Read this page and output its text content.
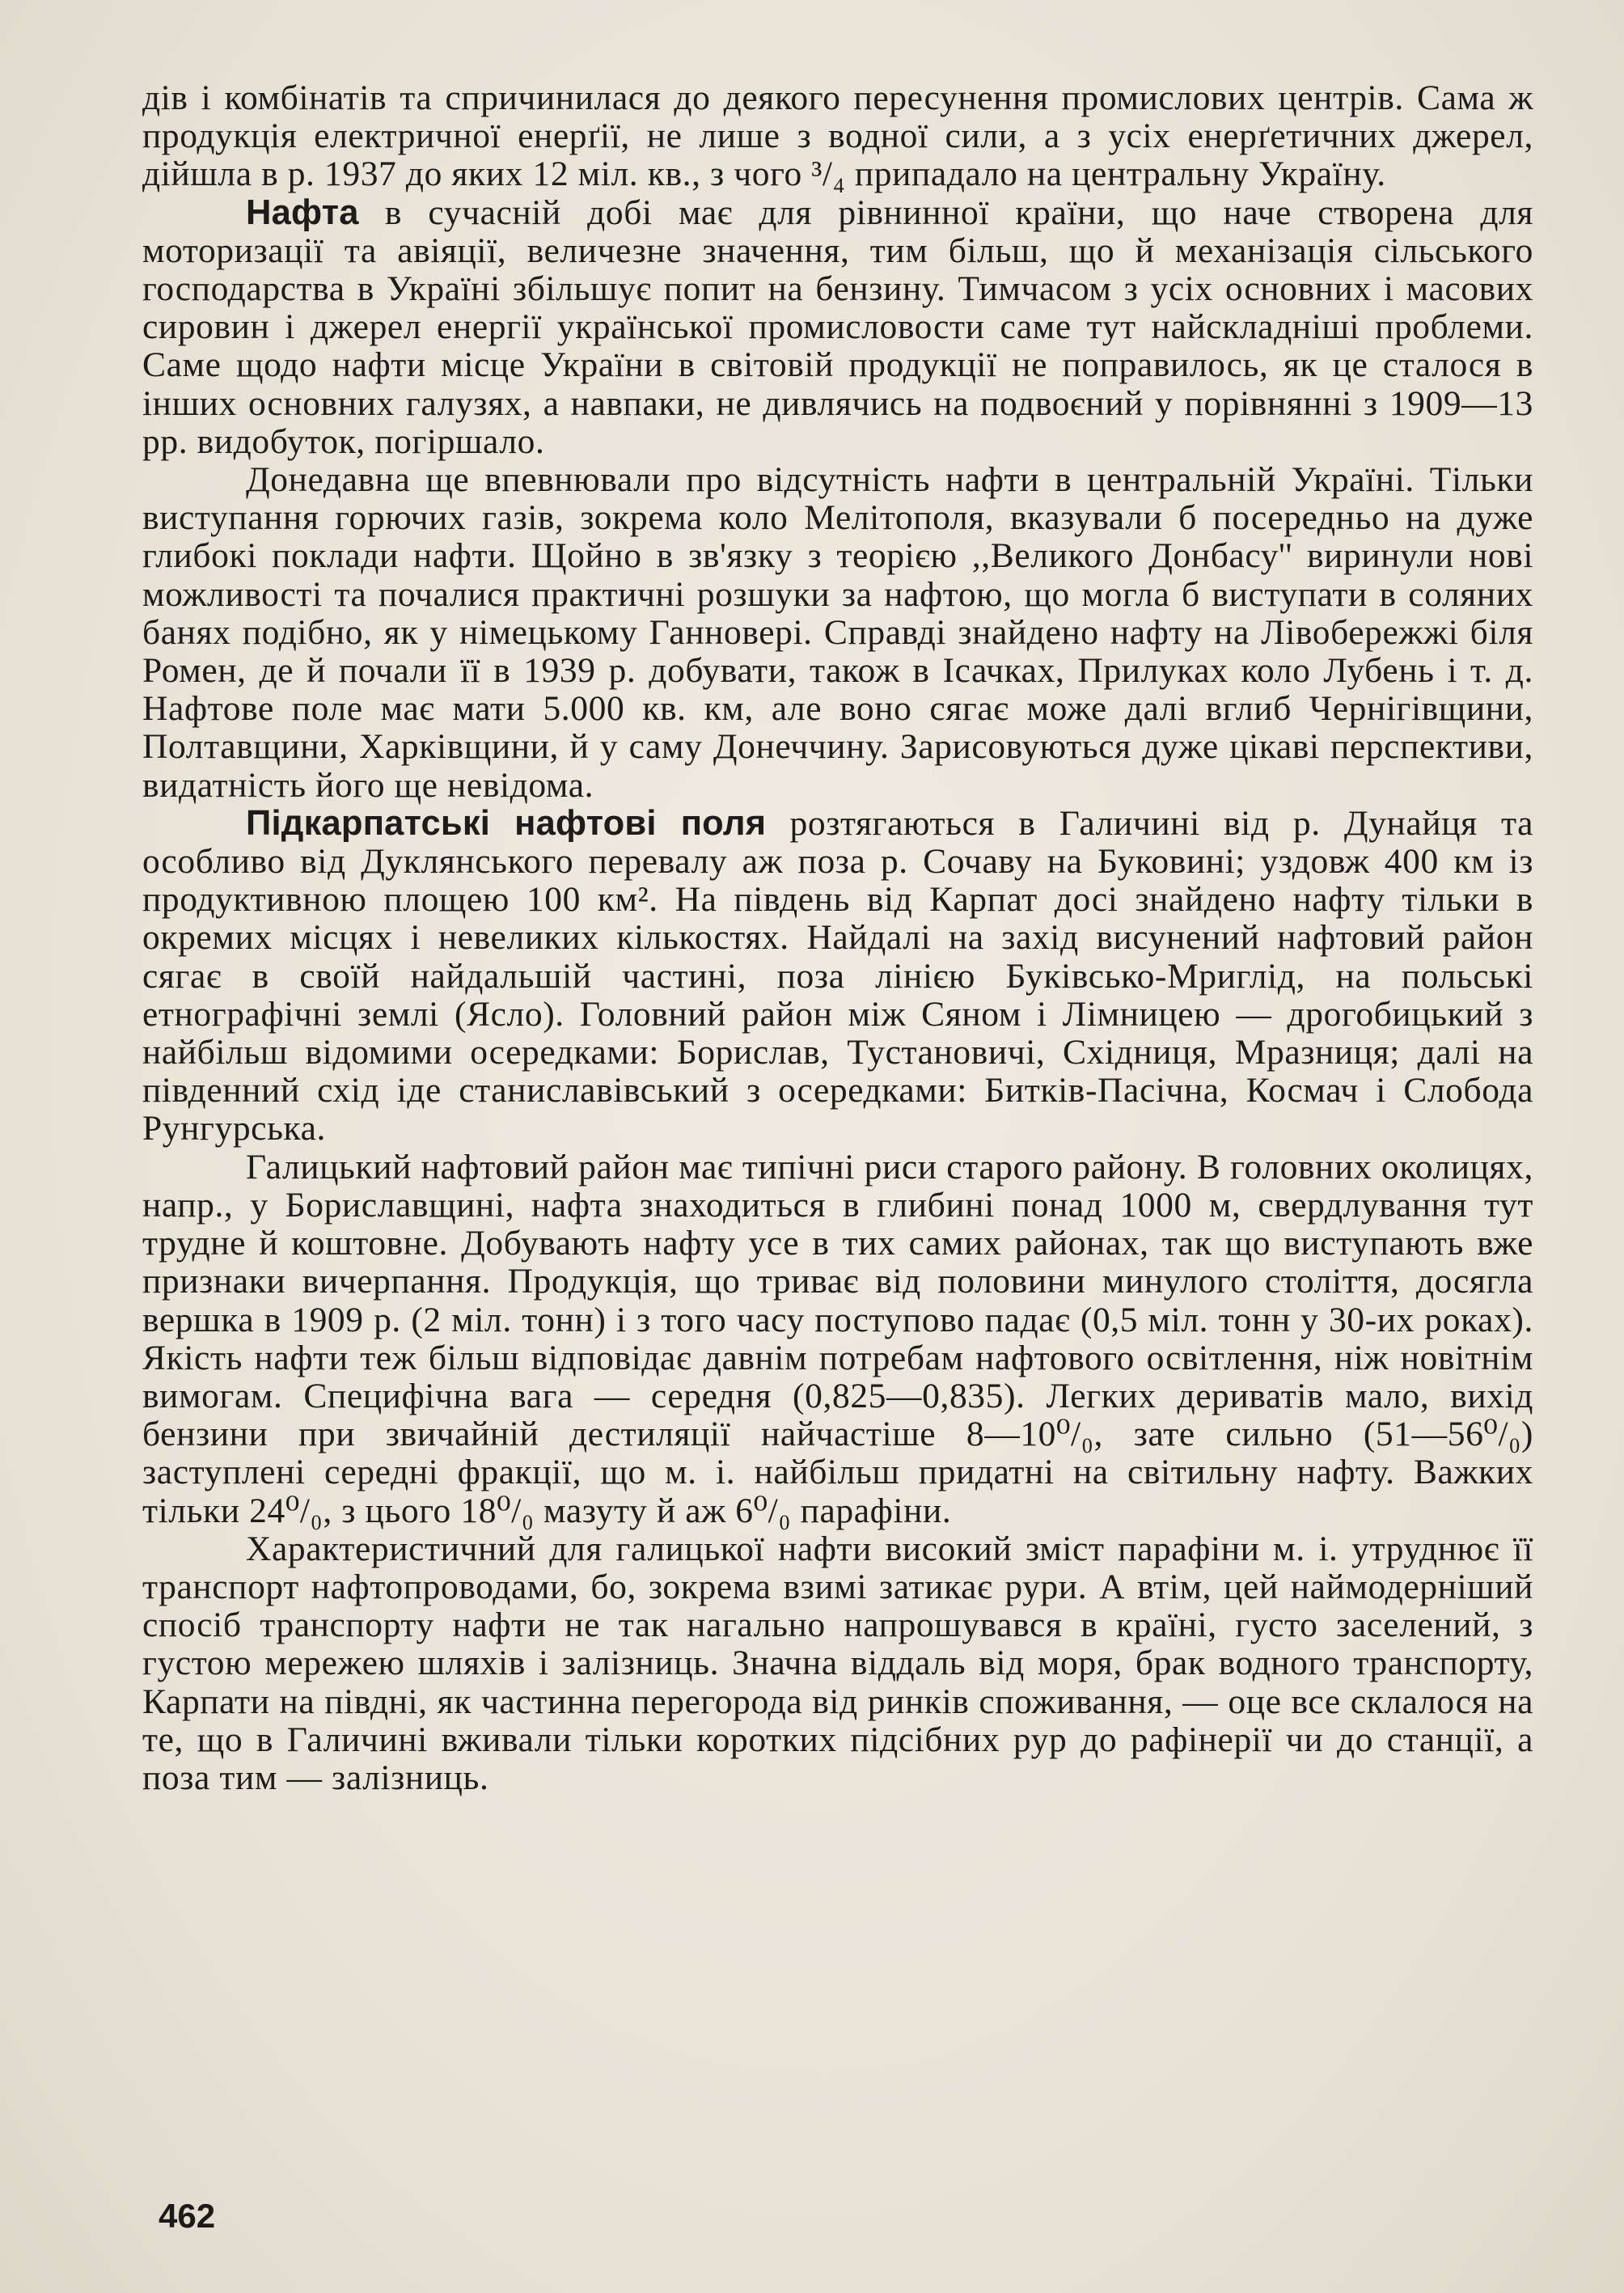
дів і комбінатів та спричинилася до деякого пересунення промислових центрів. Сама ж продукція електричної енерґії, не лише з водної сили, а з усіх енерґетичних джерел, дійшла в р. 1937 до яких 12 міл. кв., з чого ³/₄ припадало на центральну Україну.

Нафта в сучасній добі має для рівнинної країни, що наче створена для моторизації та авіяції, величезне значення, тим більш, що й механізація сільського господарства в Україні збільшує попит на бензину. Тимчасом з усіх основних і масових сировин і джерел енергії української промисловости саме тут найскладніші проблеми. Саме щодо нафти місце України в світовій продукції не поправилось, як це сталося в інших основних галузях, а навпаки, не дивлячись на подвоєний у порівнянні з 1909—13 рр. видобуток, погіршало.

Донедавна ще впевнювали про відсутність нафти в центральній Україні. Тільки виступання горючих газів, зокрема коло Мелітополя, вказували б посередньо на дуже глибокі поклади нафти. Щойно в зв'язку з теорією ,,Великого Донбасу'' виринули нові можливості та почалися практичні розшуки за нафтою, що могла б виступати в соляних банях подібно, як у німецькому Ганновері. Справді знайдено нафту на Лівобережжі біля Ромен, де й почали її в 1939 р. добувати, також в Ісачках, Прилуках коло Лубень і т. д. Нафтове поле має мати 5.000 кв. км, але воно сягає може далі вглиб Чернігівщини, Полтавщини, Харківщини, й у саму Донеччину. Зарисовуються дуже цікаві перспективи, видатність його ще невідома.

Підкарпатські нафтові поля розтягаються в Галичині від р. Дунайця та особливо від Дуклянського перевалу аж поза р. Сочаву на Буковині; уздовж 400 км із продуктивною площею 100 км². На південь від Карпат досі знайдено нафту тільки в окремих місцях і невеликих кількостях. Найдалі на захід висунений нафтовий район сягає в своїй найдальшій частині, поза лінією Буківсько-Мриглід, на польські етнографічні землі (Ясло). Головний район між Сяном і Лімницею — дрогобицький з найбільш відомими осередками: Борислав, Тустановичі, Східниця, Мразниця; далі на південний схід іде станиславівський з осередками: Битків-Пасічна, Космач і Слобода Рунгурська.

Галицький нафтовий район має типічні риси старого району. В головних околицях, напр., у Бориславщині, нафта знаходиться в глибині понад 1000 м, свердлування тут трудне й коштовне. Добувають нафту усе в тих самих районах, так що виступають вже признаки вичерпання. Продукція, що триває від половини минулого століття, досягла вершка в 1909 р. (2 міл. тонн) і з того часу поступово падає (0,5 міл. тонн у 30-их роках). Якість нафти теж більш відповідає давнім потребам нафтового освітлення, ніж новітнім вимогам. Специфічна вага — середня (0,825—0,835). Легких дериватів мало, вихід бензини при звичайній дестиляції найчастіше 8—10⁰/₀, зате сильно (51—56⁰/₀) заступлені середні фракції, що м. і. найбільш придатні на світильну нафту. Важких тільки 24⁰/₀, з цього 18⁰/₀ мазуту й аж 6⁰/₀ парафіни.

Характеристичний для галицької нафти високий зміст парафіни м. і. утруднює її транспорт нафтопроводами, бо, зокрема взимі затикає рури. А втім, цей наймодерніший спосіб транспорту нафти не так нагально напрошувався в країні, густо заселений, з густою мережею шляхів і залізниць. Значна віддаль від моря, брак водного транспорту, Карпати на півдні, як частинна перегорода від ринків споживання, — оце все склалося на те, що в Галичині вживали тільки коротких підсібних рур до рафінерії чи до станції, а поза тим — залізниць.

462
